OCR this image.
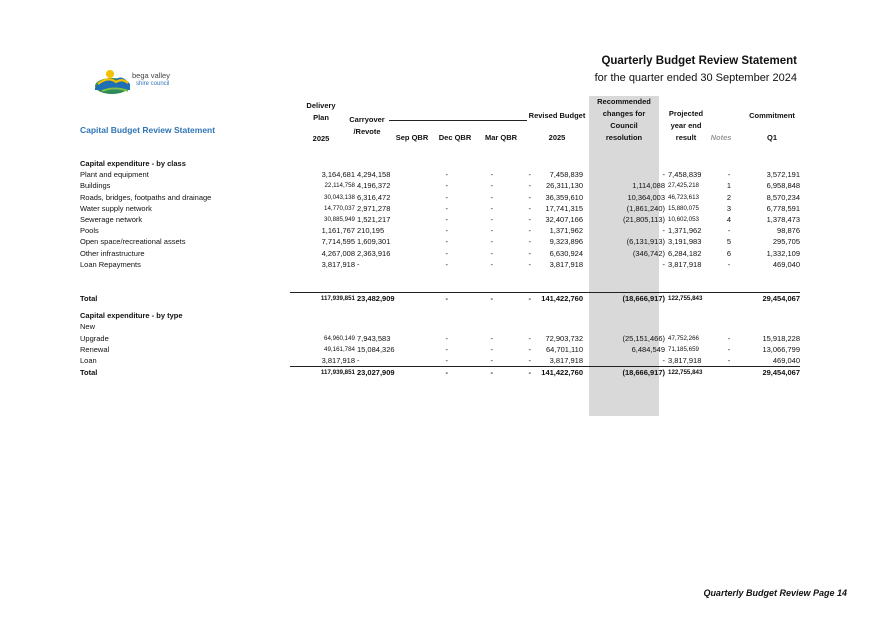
bega valley
shire council
Quarterly Budget Review Statement
for the quarter ended 30 September 2024
Capital Budget Review Statement
Delivery
Plan
2025
Carryover
/Revote
Sep QBR	Dec QBR	Mar QBR
Revised Budget
2025
Recommended
changes for
Council
resolution
Projected
year end
result	Notes
Commitment
Q1
Capital expenditure - by class										
Plant and equipment	3,164,681	4,294,158	-	-	-	7,458,839	-	7,458,839	-	3,572,191
Buildings	22,114,758	4,196,372	-	-	-	26,311,130	1,114,088	27,425,218	1	6,958,848
Roads, bridges, footpaths and drainage	30,043,138	6,316,472	-	-	-	36,359,610	10,364,003	46,723,613	2	8,570,234
Water supply network	14,770,037	2,971,278	-	-	-	17,741,315	(1,861,240)	15,880,075	3	6,778,591
Sewerage network	30,885,949	1,521,217	-	-	-	32,407,166	(21,805,113)	10,602,053	4	1,378,473
Pools	1,161,767	210,195	-	-	-	1,371,962	-	1,371,962	-	98,876
Open space/recreational assets	7,714,595	1,609,301	-	-	-	9,323,896	(6,131,913)	3,191,983	5	295,705
Other infrastructure	4,267,008	2,363,916	-	-	-	6,630,924	(346,742)	6,284,182	6	1,332,109
Loan Repayments	3,817,918	-	-	-	-	3,817,918	-	3,817,918	-	469,040

Total	117,939,851	23,482,909	-	-	-	141,422,760	(18,666,917)	122,755,843		29,454,067

Capital expenditure - by type										
New										
Upgrade	64,960,149	7,943,583	-	-	-	72,903,732	(25,151,466)	47,752,266	-	15,918,228
Renewal	49,161,784	15,084,326	-	-	-	64,701,110	6,484,549	71,185,659	-	13,066,799
Loan	3,817,918	-	-	-	-	3,817,918	-	3,817,918	-	469,040
Total	117,939,851	23,027,909	-	-	-	141,422,760	(18,666,917)	122,755,843		29,454,067
Quarterly Budget Review Page 14
